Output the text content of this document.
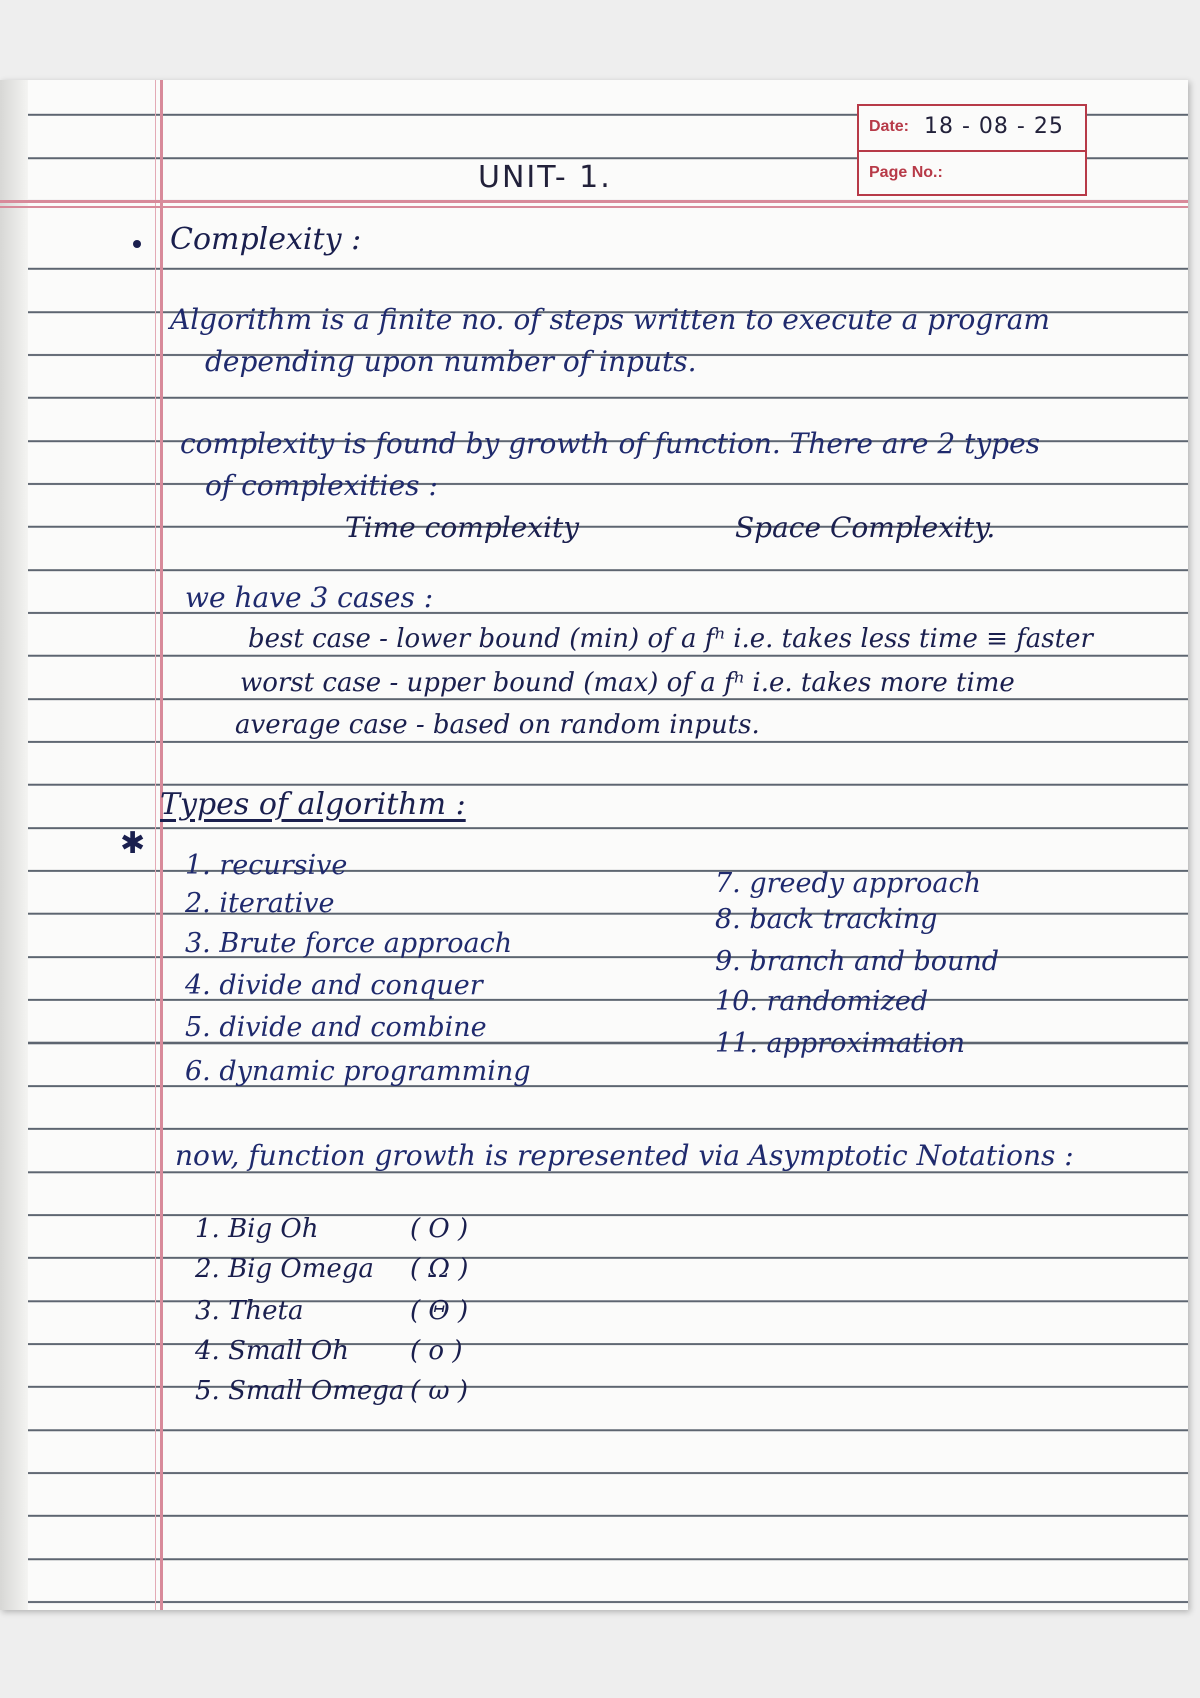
Date: 18 - 08 - 25
Page No.:
UNIT- 1.
Complexity :
Algorithm is a finite no. of steps written to execute a program
depending upon number of inputs.
complexity is found by growth of function. There are 2 types
of complexities :
Time complexity	Space Complexity.
we have 3 cases :
best case - lower bound (min) of a fⁿ i.e. takes less time ≡ faster
worst case - upper bound (max) of a fⁿ i.e. takes more time
average case - based on random inputs.
✱
Types of algorithm :
1. recursive
2. iterative
3. Brute force approach
4. divide and conquer
5. divide and combine
6. dynamic programming
7. greedy approach
8. back tracking
9. branch and bound
10. randomized
11. approximation
now, function growth is represented via Asymptotic Notations :
1. Big Oh	( O )
2. Big Omega ( Ω )
3. Theta	( Θ )
4. Small Oh ( o )
5. Small Omega ( ω )
